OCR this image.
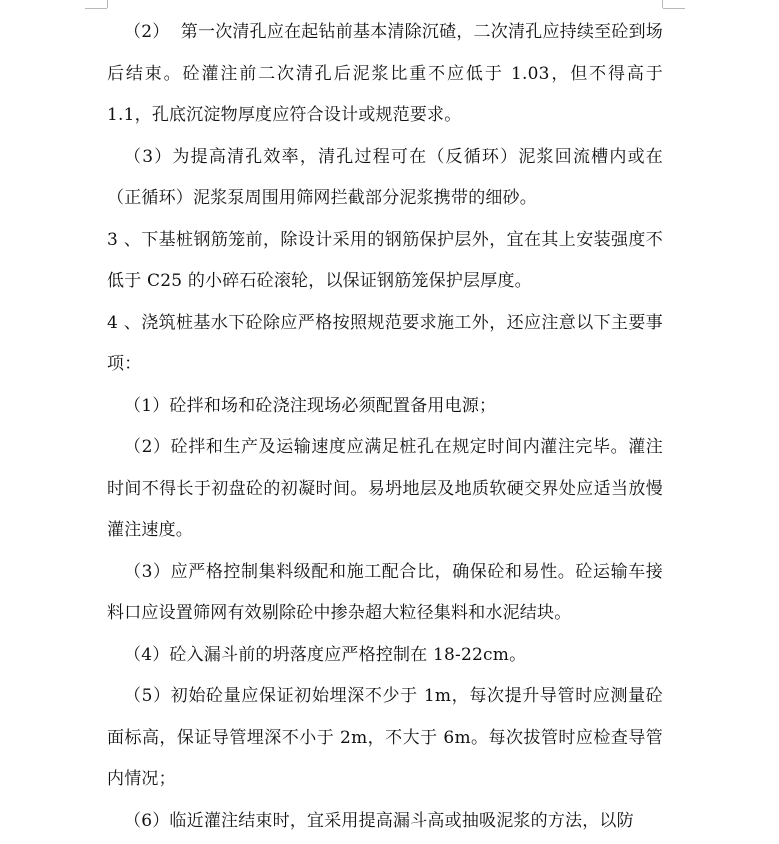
（2）  第一次清孔应在起钻前基本清除沉碴，二次清孔应持续至砼到场后结束。砼灌注前二次清孔后泥浆比重不应低于 1.03，但不得高于 1.1，孔底沉淀物厚度应符合设计或规范要求。

（3）为提高清孔效率，清孔过程可在（反循环）泥浆回流槽内或在（正循环）泥浆泵周围用筛网拦截部分泥浆携带的细砂。

3 、下基桩钢筋笼前，除设计采用的钢筋保护层外，宜在其上安装强度不低于 C25 的小碎石砼滚轮，以保证钢筋笼保护层厚度。

4 、浇筑桩基水下砼除应严格按照规范要求施工外，还应注意以下主要事项：

（1）砼拌和场和砼浇注现场必须配置备用电源；

（2）砼拌和生产及运输速度应满足桩孔在规定时间内灌注完毕。灌注时间不得长于初盘砼的初凝时间。易坍地层及地质软硬交界处应适当放慢灌注速度。

（3）应严格控制集料级配和施工配合比，确保砼和易性。砼运输车接料口应设置筛网有效剔除砼中掺杂超大粒径集料和水泥结块。

（4）砼入漏斗前的坍落度应严格控制在 18-22cm。

（5）初始砼量应保证初始埋深不少于 1m，每次提升导管时应测量砼面标高，保证导管埋深不小于 2m，不大于 6m。每次拔管时应检查导管内情况；

（6）临近灌注结束时，宜采用提高漏斗高或抽吸泥浆的方法，以防
